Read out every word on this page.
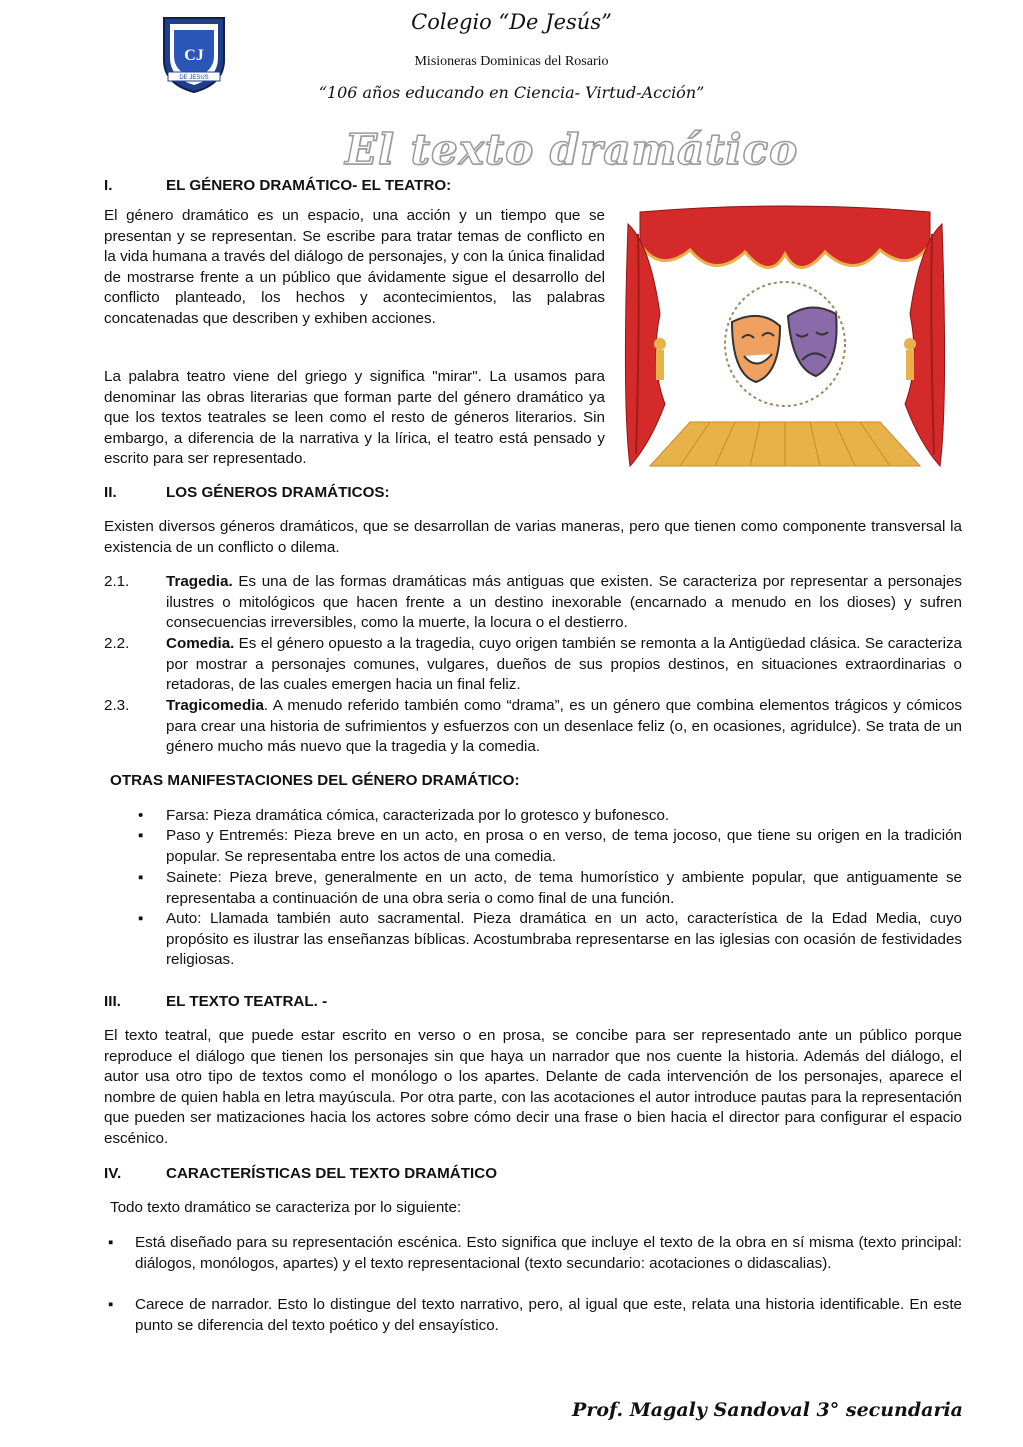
CJ
DE JESUS
Colegio “De Jesús”
Misioneras Dominicas del Rosario
“106 años educando en Ciencia- Virtud-Acción”
El texto dramático
I.	EL GÉNERO DRAMÁTICO- EL TEATRO:
El género dramático es un espacio, una acción y un tiempo que se presentan y se representan. Se escribe para tratar temas de conflicto en la vida humana a través del diálogo de personajes, y con la única finalidad de mostrarse frente a un público que ávidamente sigue el desarrollo del conflicto planteado, los hechos y acontecimientos, las palabras concatenadas que describen y exhiben acciones.
La palabra teatro viene del griego y significa "mirar". La usamos para denominar las obras literarias que forman parte del género dramático ya que los textos teatrales se leen como el resto de géneros literarios. Sin embargo, a diferencia de la narrativa y la lírica, el teatro está pensado y escrito para ser representado.
II.	LOS GÉNEROS DRAMÁTICOS:
Existen diversos géneros dramáticos, que se desarrollan de varias maneras, pero que tienen como componente transversal la existencia de un conflicto o dilema.
2.1. Tragedia. Es una de las formas dramáticas más antiguas que existen. Se caracteriza por representar a personajes ilustres o mitológicos que hacen frente a un destino inexorable (encarnado a menudo en los dioses) y sufren consecuencias irreversibles, como la muerte, la locura o el destierro.
2.2. Comedia. Es el género opuesto a la tragedia, cuyo origen también se remonta a la Antigüedad clásica. Se caracteriza por mostrar a personajes comunes, vulgares, dueños de sus propios destinos, en situaciones extraordinarias o retadoras, de las cuales emergen hacia un final feliz.
2.3. Tragicomedia. A menudo referido también como “drama”, es un género que combina elementos trágicos y cómicos para crear una historia de sufrimientos y esfuerzos con un desenlace feliz (o, en ocasiones, agridulce). Se trata de un género mucho más nuevo que la tragedia y la comedia.
OTRAS MANIFESTACIONES DEL GÉNERO DRAMÁTICO:
• Farsa: Pieza dramática cómica, caracterizada por lo grotesco y bufonesco.
▪ Paso y Entremés: Pieza breve en un acto, en prosa o en verso, de tema jocoso, que tiene su origen en la tradición popular. Se representaba entre los actos de una comedia.
▪ Sainete: Pieza breve, generalmente en un acto, de tema humorístico y ambiente popular, que antiguamente se representaba a continuación de una obra seria o como final de una función.
▪ Auto: Llamada también auto sacramental. Pieza dramática en un acto, característica de la Edad Media, cuyo propósito es ilustrar las enseñanzas bíblicas. Acostumbraba representarse en las iglesias con ocasión de festividades religiosas.
III.	EL TEXTO TEATRAL. -
El texto teatral, que puede estar escrito en verso o en prosa, se concibe para ser representado ante un público porque reproduce el diálogo que tienen los personajes sin que haya un narrador que nos cuente la historia. Además del diálogo, el autor usa otro tipo de textos como el monólogo o los apartes. Delante de cada intervención de los personajes, aparece el nombre de quien habla en letra mayúscula. Por otra parte, con las acotaciones el autor introduce pautas para la representación que pueden ser matizaciones hacia los actores sobre cómo decir una frase o bien hacia el director para configurar el espacio escénico.
IV.	CARACTERÍSTICAS DEL TEXTO DRAMÁTICO
Todo texto dramático se caracteriza por lo siguiente:
▪ Está diseñado para su representación escénica. Esto significa que incluye el texto de la obra en sí misma (texto principal: diálogos, monólogos, apartes) y el texto representacional (texto secundario: acotaciones o didascalias).
▪ Carece de narrador. Esto lo distingue del texto narrativo, pero, al igual que este, relata una historia identificable. En este punto se diferencia del texto poético y del ensayístico.
Prof. Magaly Sandoval 3° secundaria
